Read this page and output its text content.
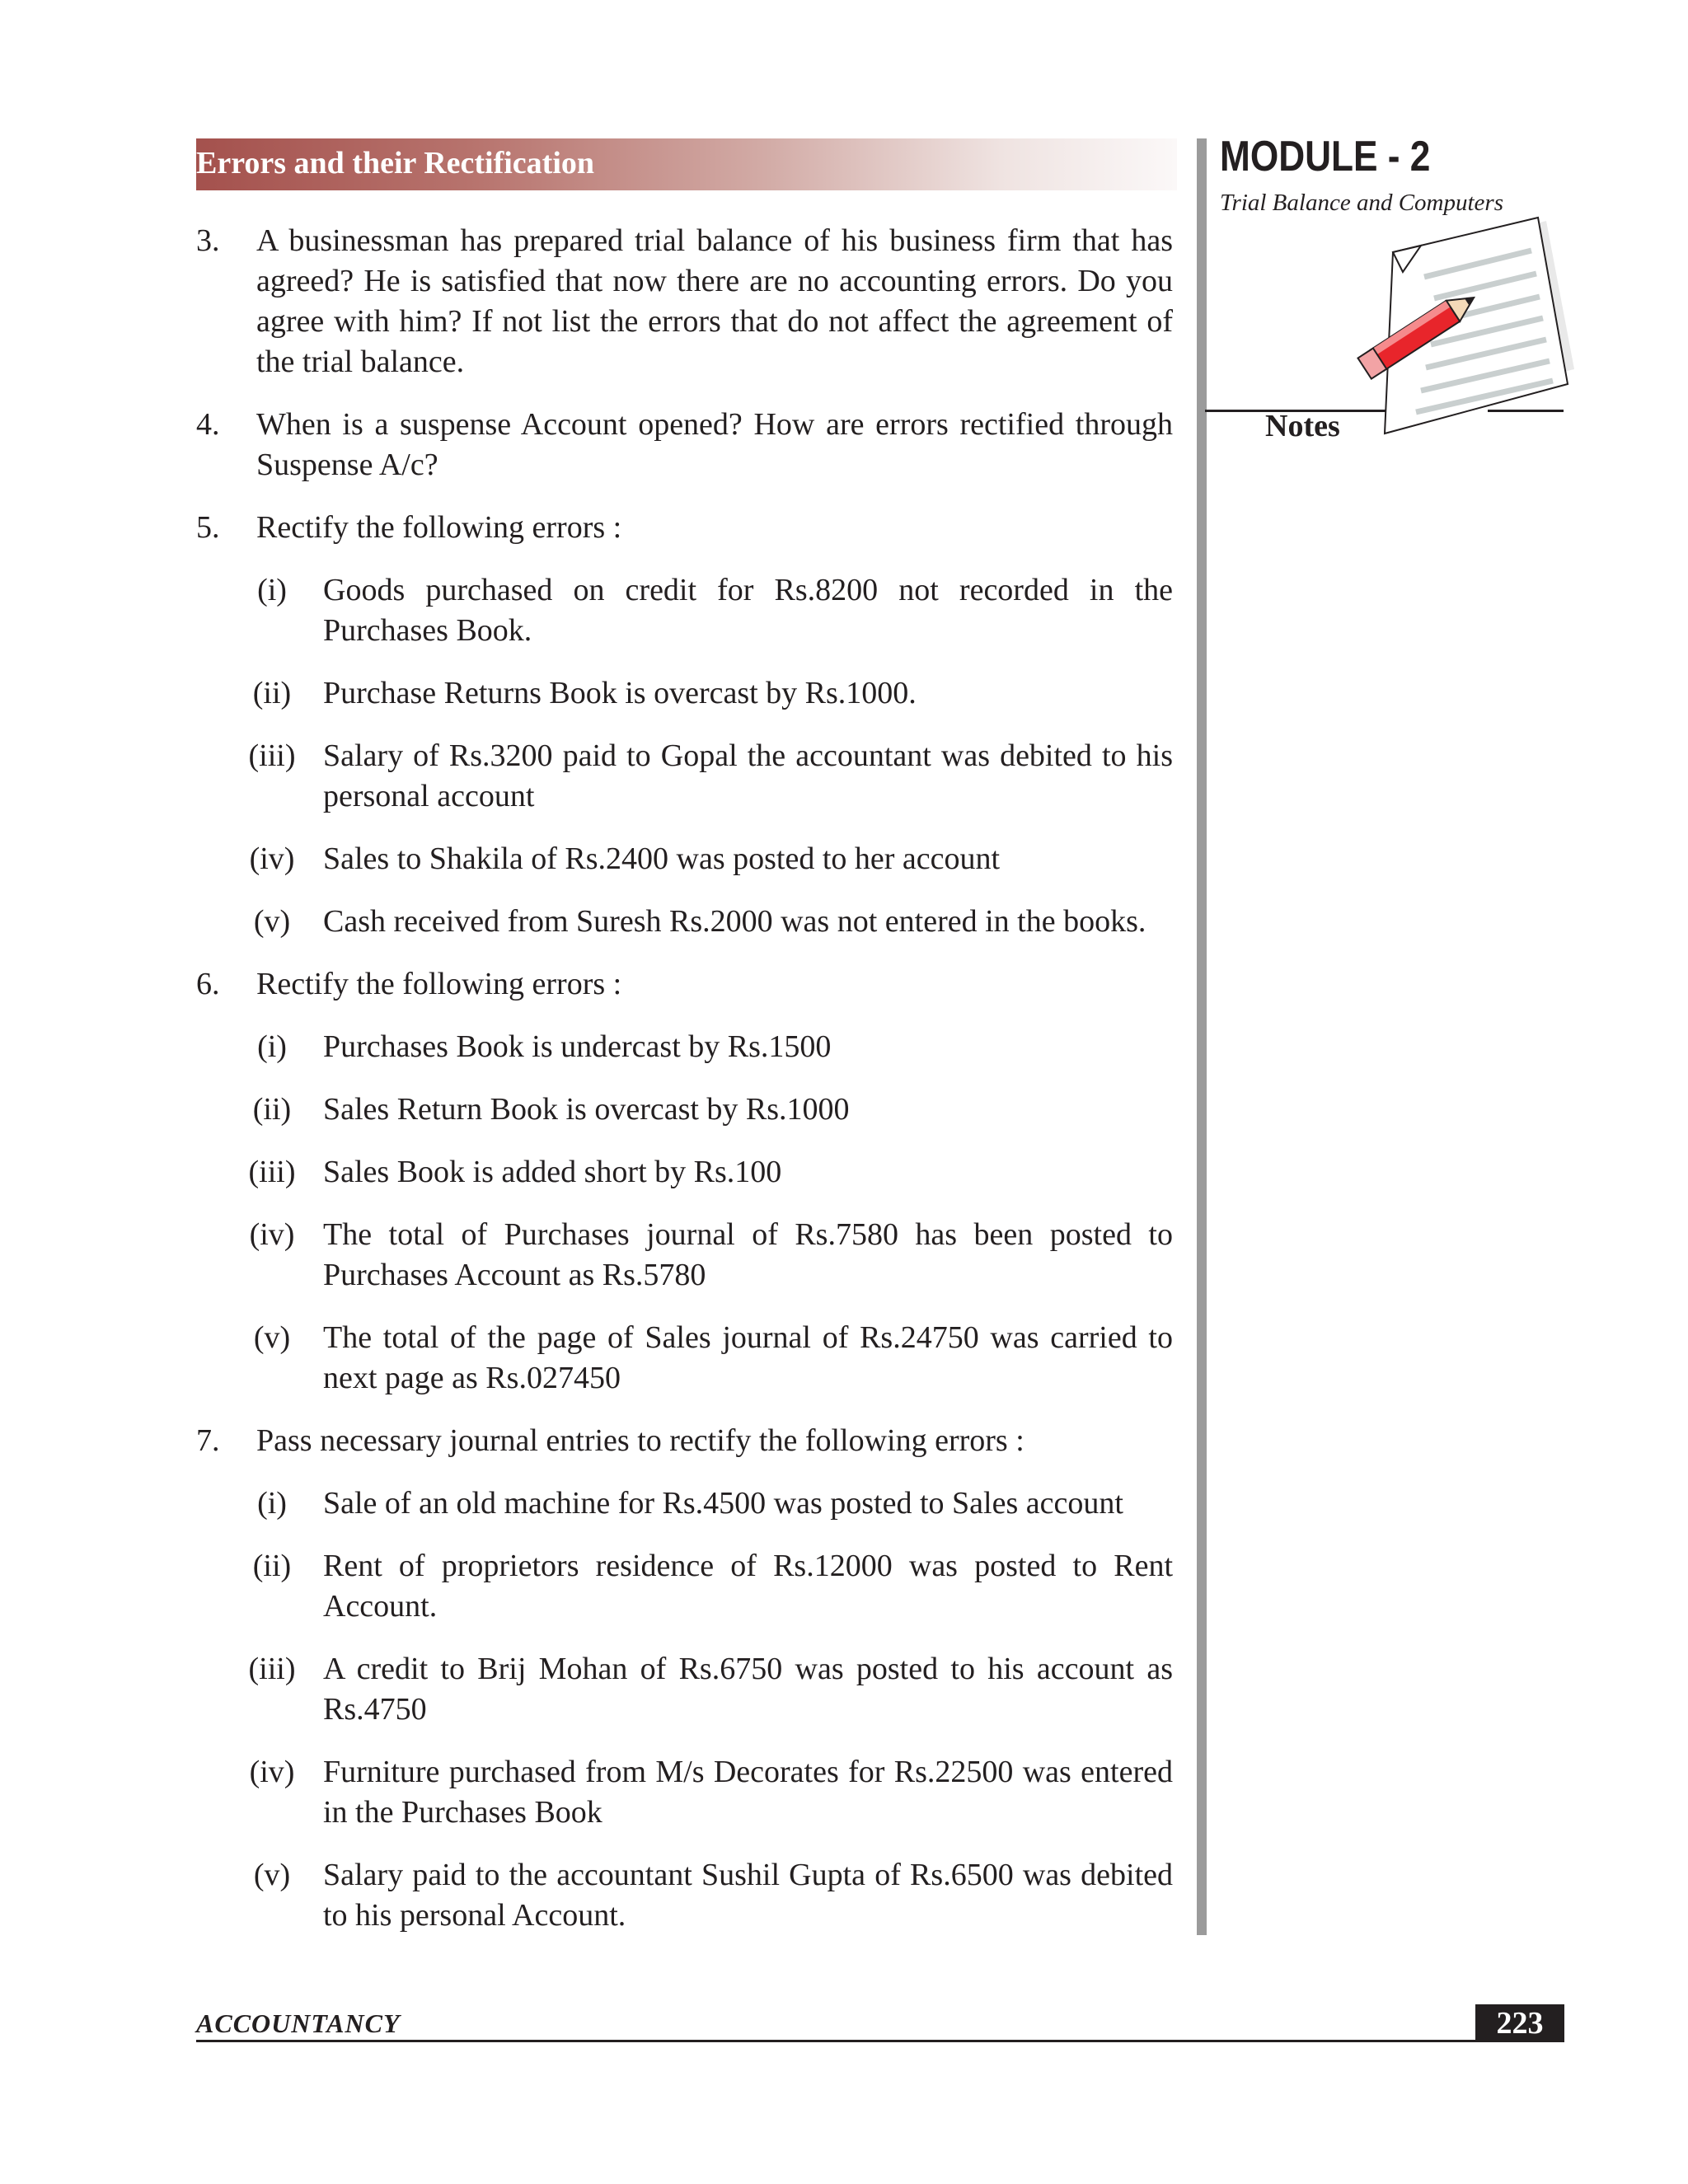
Errors and their Rectification	MODULE - 2
Trial Balance and Computers
Notes
3. A businessman has prepared trial balance of his business firm that has agreed? He is satisfied that now there are no accounting errors. Do you agree with him? If not list the errors that do not affect the agreement of the trial balance.
4. When is a suspense Account opened? How are errors rectified through Suspense A/c?
5. Rectify the following errors :
(i)	Goods purchased on credit for Rs.8200 not recorded in the Purchases Book.
(ii)	Purchase Returns Book is overcast by Rs.1000.
(iii) Salary of Rs.3200 paid to Gopal the accountant was debited to his personal account
(iv) Sales to Shakila of Rs.2400 was posted to her account
(v)	Cash received from Suresh Rs.2000 was not entered in the books.
6. Rectify the following errors :
(i)	Purchases Book is undercast by Rs.1500
(ii)	Sales Return Book is overcast by Rs.1000
(iii) Sales Book is added short by Rs.100
(iv) The total of Purchases journal of Rs.7580 has been posted to Purchases Account as Rs.5780
(v)	The total of the page of Sales journal of Rs.24750 was carried to next page as Rs.027450
7. Pass necessary journal entries to rectify the following errors :
(i)	Sale of an old machine for Rs.4500 was posted to Sales account
(ii)	Rent of proprietors residence of Rs.12000 was posted to Rent Account.
(iii) A credit to Brij Mohan of Rs.6750 was posted to his account as Rs.4750
(iv) Furniture purchased from M/s Decorates for Rs.22500 was entered in the Purchases Book
(v)	Salary paid to the accountant Sushil Gupta of Rs.6500 was debited to his personal Account.
ACCOUNTANCY	223
